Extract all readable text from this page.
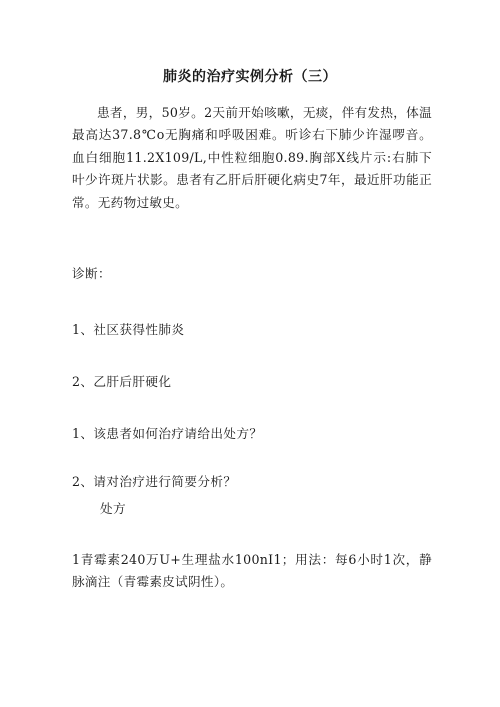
肺炎的治疗实例分析（三）

患者，男，50岁。2天前开始咳嗽，无痰，伴有发热，体温最高达37.8℃o无胸痛和呼吸困难。听诊右下肺少许湿啰音。血白细胞11.2X109/L,中性粒细胞0.89.胸部X线片示:右肺下叶少许斑片状影。患者有乙肝后肝硬化病史7年，最近肝功能正常。无药物过敏史。

诊断：
1、社区获得性肺炎
2、乙肝后肝硬化
1、该患者如何治疗请给出处方？
2、请对治疗进行简要分析？
处方

1青霉素240万U+生理盐水100nI1；用法：每6小时1次，静脉滴注（青霉素皮试阴性）。
